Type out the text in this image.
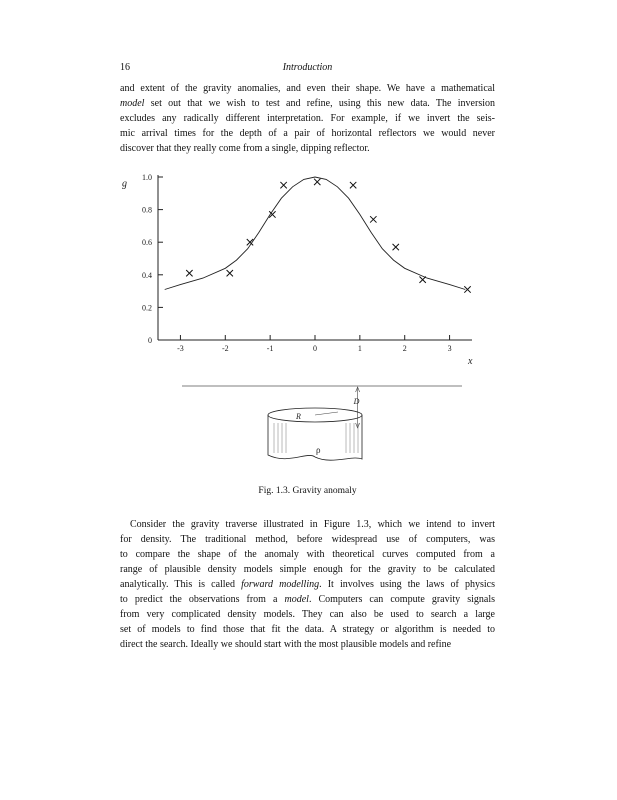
16	Introduction
and extent of the gravity anomalies, and even their shape. We have a mathematical
model set out that we wish to test and refine, using this new data. The inversion
excludes any radically different interpretation. For example, if we invert the seis-
mic arrival times for the depth of a pair of horizontal reflectors we would never
discover that they really come from a single, dipping reflector.
0
0.2
0.4
0.6
0.8
1.0
-3	-2	-1	0	1	2	3
g
x
D
R
ρ
Fig. 1.3. Gravity anomaly
Consider the gravity traverse illustrated in Figure 1.3, which we intend to invert
for density. The traditional method, before widespread use of computers, was
to compare the shape of the anomaly with theoretical curves computed from a
range of plausible density models simple enough for the gravity to be calculated
analytically. This is called forward modelling. It involves using the laws of physics
to predict the observations from a model. Computers can compute gravity signals
from very complicated density models. They can also be used to search a large
set of models to find those that fit the data. A strategy or algorithm is needed to
direct the search. Ideally we should start with the most plausible models and refine
